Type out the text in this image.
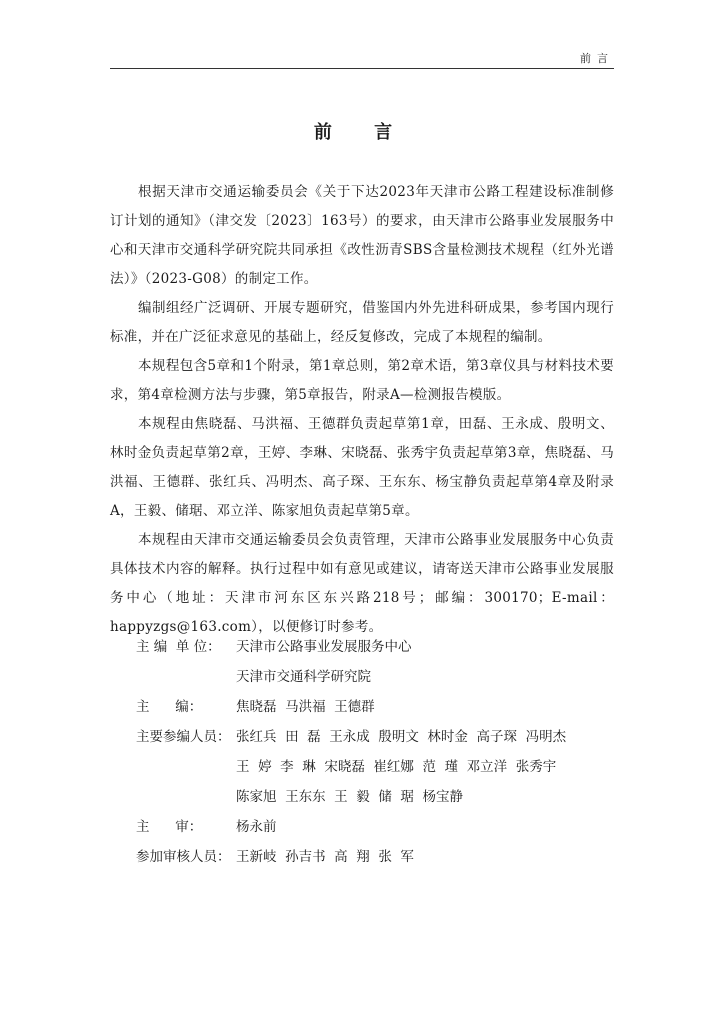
前言
前 言

根据天津市交通运输委员会《关于下达2023年天津市公路工程建设标准制修订计划的通知》（津交发〔2023〕163号）的要求，由天津市公路事业发展服务中心和天津市交通科学研究院共同承担《改性沥青SBS含量检测技术规程（红外光谱法）》（2023-G08）的制定工作。

编制组经广泛调研、开展专题研究，借鉴国内外先进科研成果，参考国内现行标准，并在广泛征求意见的基础上，经反复修改，完成了本规程的编制。

本规程包含5章和1个附录，第1章总则，第2章术语，第3章仪具与材料技术要求，第4章检测方法与步骤，第5章报告，附录A—检测报告模版。

本规程由焦晓磊、马洪福、王德群负责起草第1章，田磊、王永成、殷明文、林时金负责起草第2章，王婷、李琳、宋晓磊、张秀宇负责起草第3章，焦晓磊、马洪福、王德群、张红兵、冯明杰、高子琛、王东东、杨宝静负责起草第4章及附录A，王毅、储琚、邓立洋、陈家旭负责起草第5章。

本规程由天津市交通运输委员会负责管理，天津市公路事业发展服务中心负责具体技术内容的解释。执行过程中如有意见或建议，请寄送天津市公路事业发展服务中心（地址：天津市河东区东兴路218号；邮编：300170；E-mail：happyzgs@163.com），以便修订时参考。

主 编  单 位：	天津市公路事业发展服务中心
天津市交通科学研究院
主      编：	焦晓磊  马洪福  王德群
主要参编人员： 张红兵  田  磊  王永成  殷明文  林时金  高子琛  冯明杰
王  婷  李  琳  宋晓磊  崔红娜  范  瑾  邓立洋  张秀宇
陈家旭  王东东  王  毅  储  琚  杨宝静
主      审：	杨永前
参加审核人员： 王新岐  孙吉书  高  翔  张  军
